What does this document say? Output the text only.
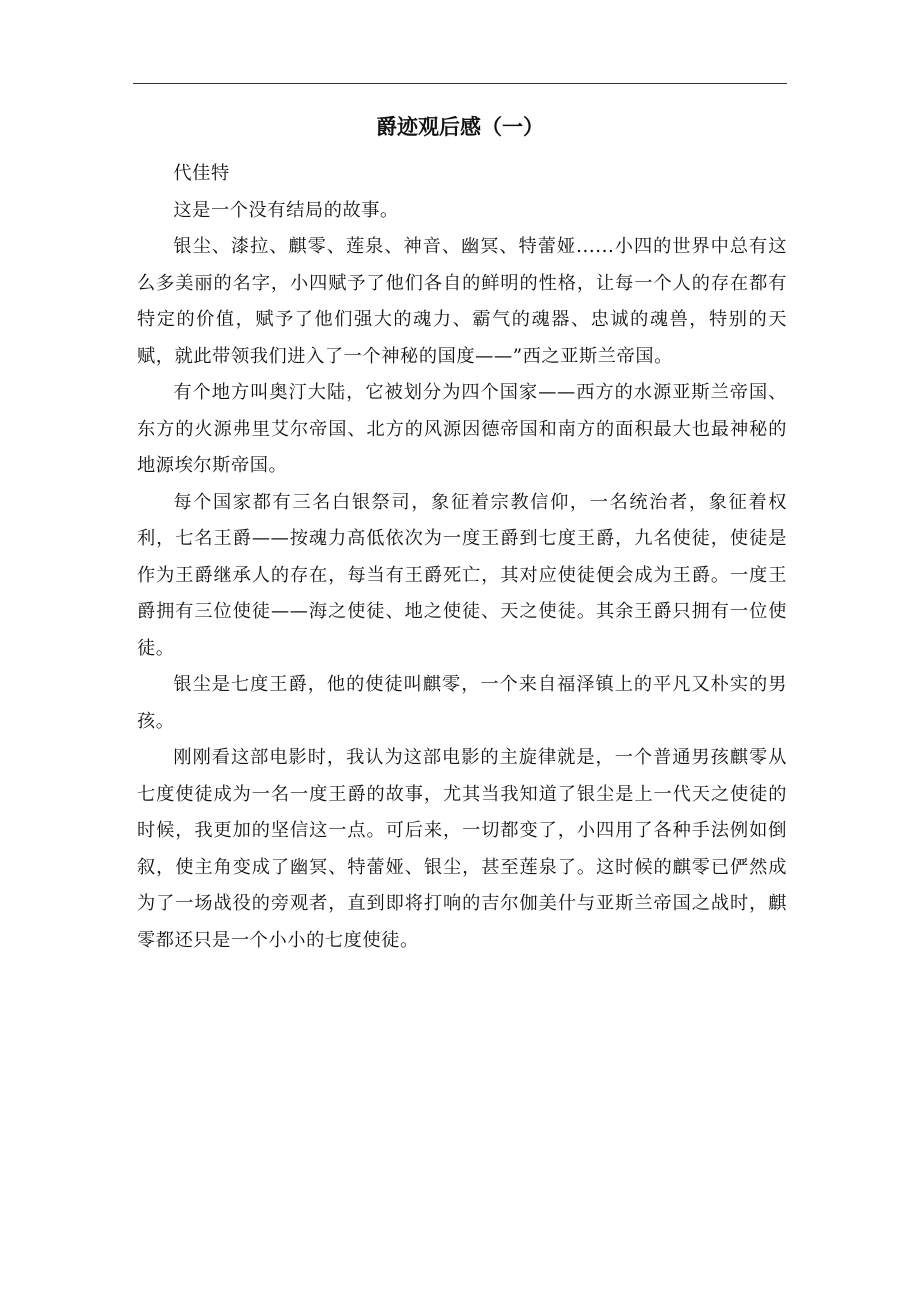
爵迹观后感（一）

代佳特

这是一个没有结局的故事。

银尘、漆拉、麒零、莲泉、神音、幽冥、特蕾娅......小四的世界中总有这么多美丽的名字，小四赋予了他们各自的鲜明的性格，让每一个人的存在都有特定的价值，赋予了他们强大的魂力、霸气的魂器、忠诚的魂兽，特别的天赋，就此带领我们进入了一个神秘的国度——”西之亚斯兰帝国。

有个地方叫奥汀大陆，它被划分为四个国家——西方的水源亚斯兰帝国、东方的火源弗里艾尔帝国、北方的风源因德帝国和南方的面积最大也最神秘的地源埃尔斯帝国。

每个国家都有三名白银祭司，象征着宗教信仰，一名统治者，象征着权利，七名王爵——按魂力高低依次为一度王爵到七度王爵，九名使徒，使徒是作为王爵继承人的存在，每当有王爵死亡，其对应使徒便会成为王爵。一度王爵拥有三位使徒——海之使徒、地之使徒、天之使徒。其余王爵只拥有一位使徒。

银尘是七度王爵，他的使徒叫麒零，一个来自福泽镇上的平凡又朴实的男孩。

刚刚看这部电影时，我认为这部电影的主旋律就是，一个普通男孩麒零从七度使徒成为一名一度王爵的故事，尤其当我知道了银尘是上一代天之使徒的时候，我更加的坚信这一点。可后来，一切都变了，小四用了各种手法例如倒叙，使主角变成了幽冥、特蕾娅、银尘，甚至莲泉了。这时候的麒零已俨然成为了一场战役的旁观者，直到即将打响的吉尔伽美什与亚斯兰帝国之战时，麒零都还只是一个小小的七度使徒。
